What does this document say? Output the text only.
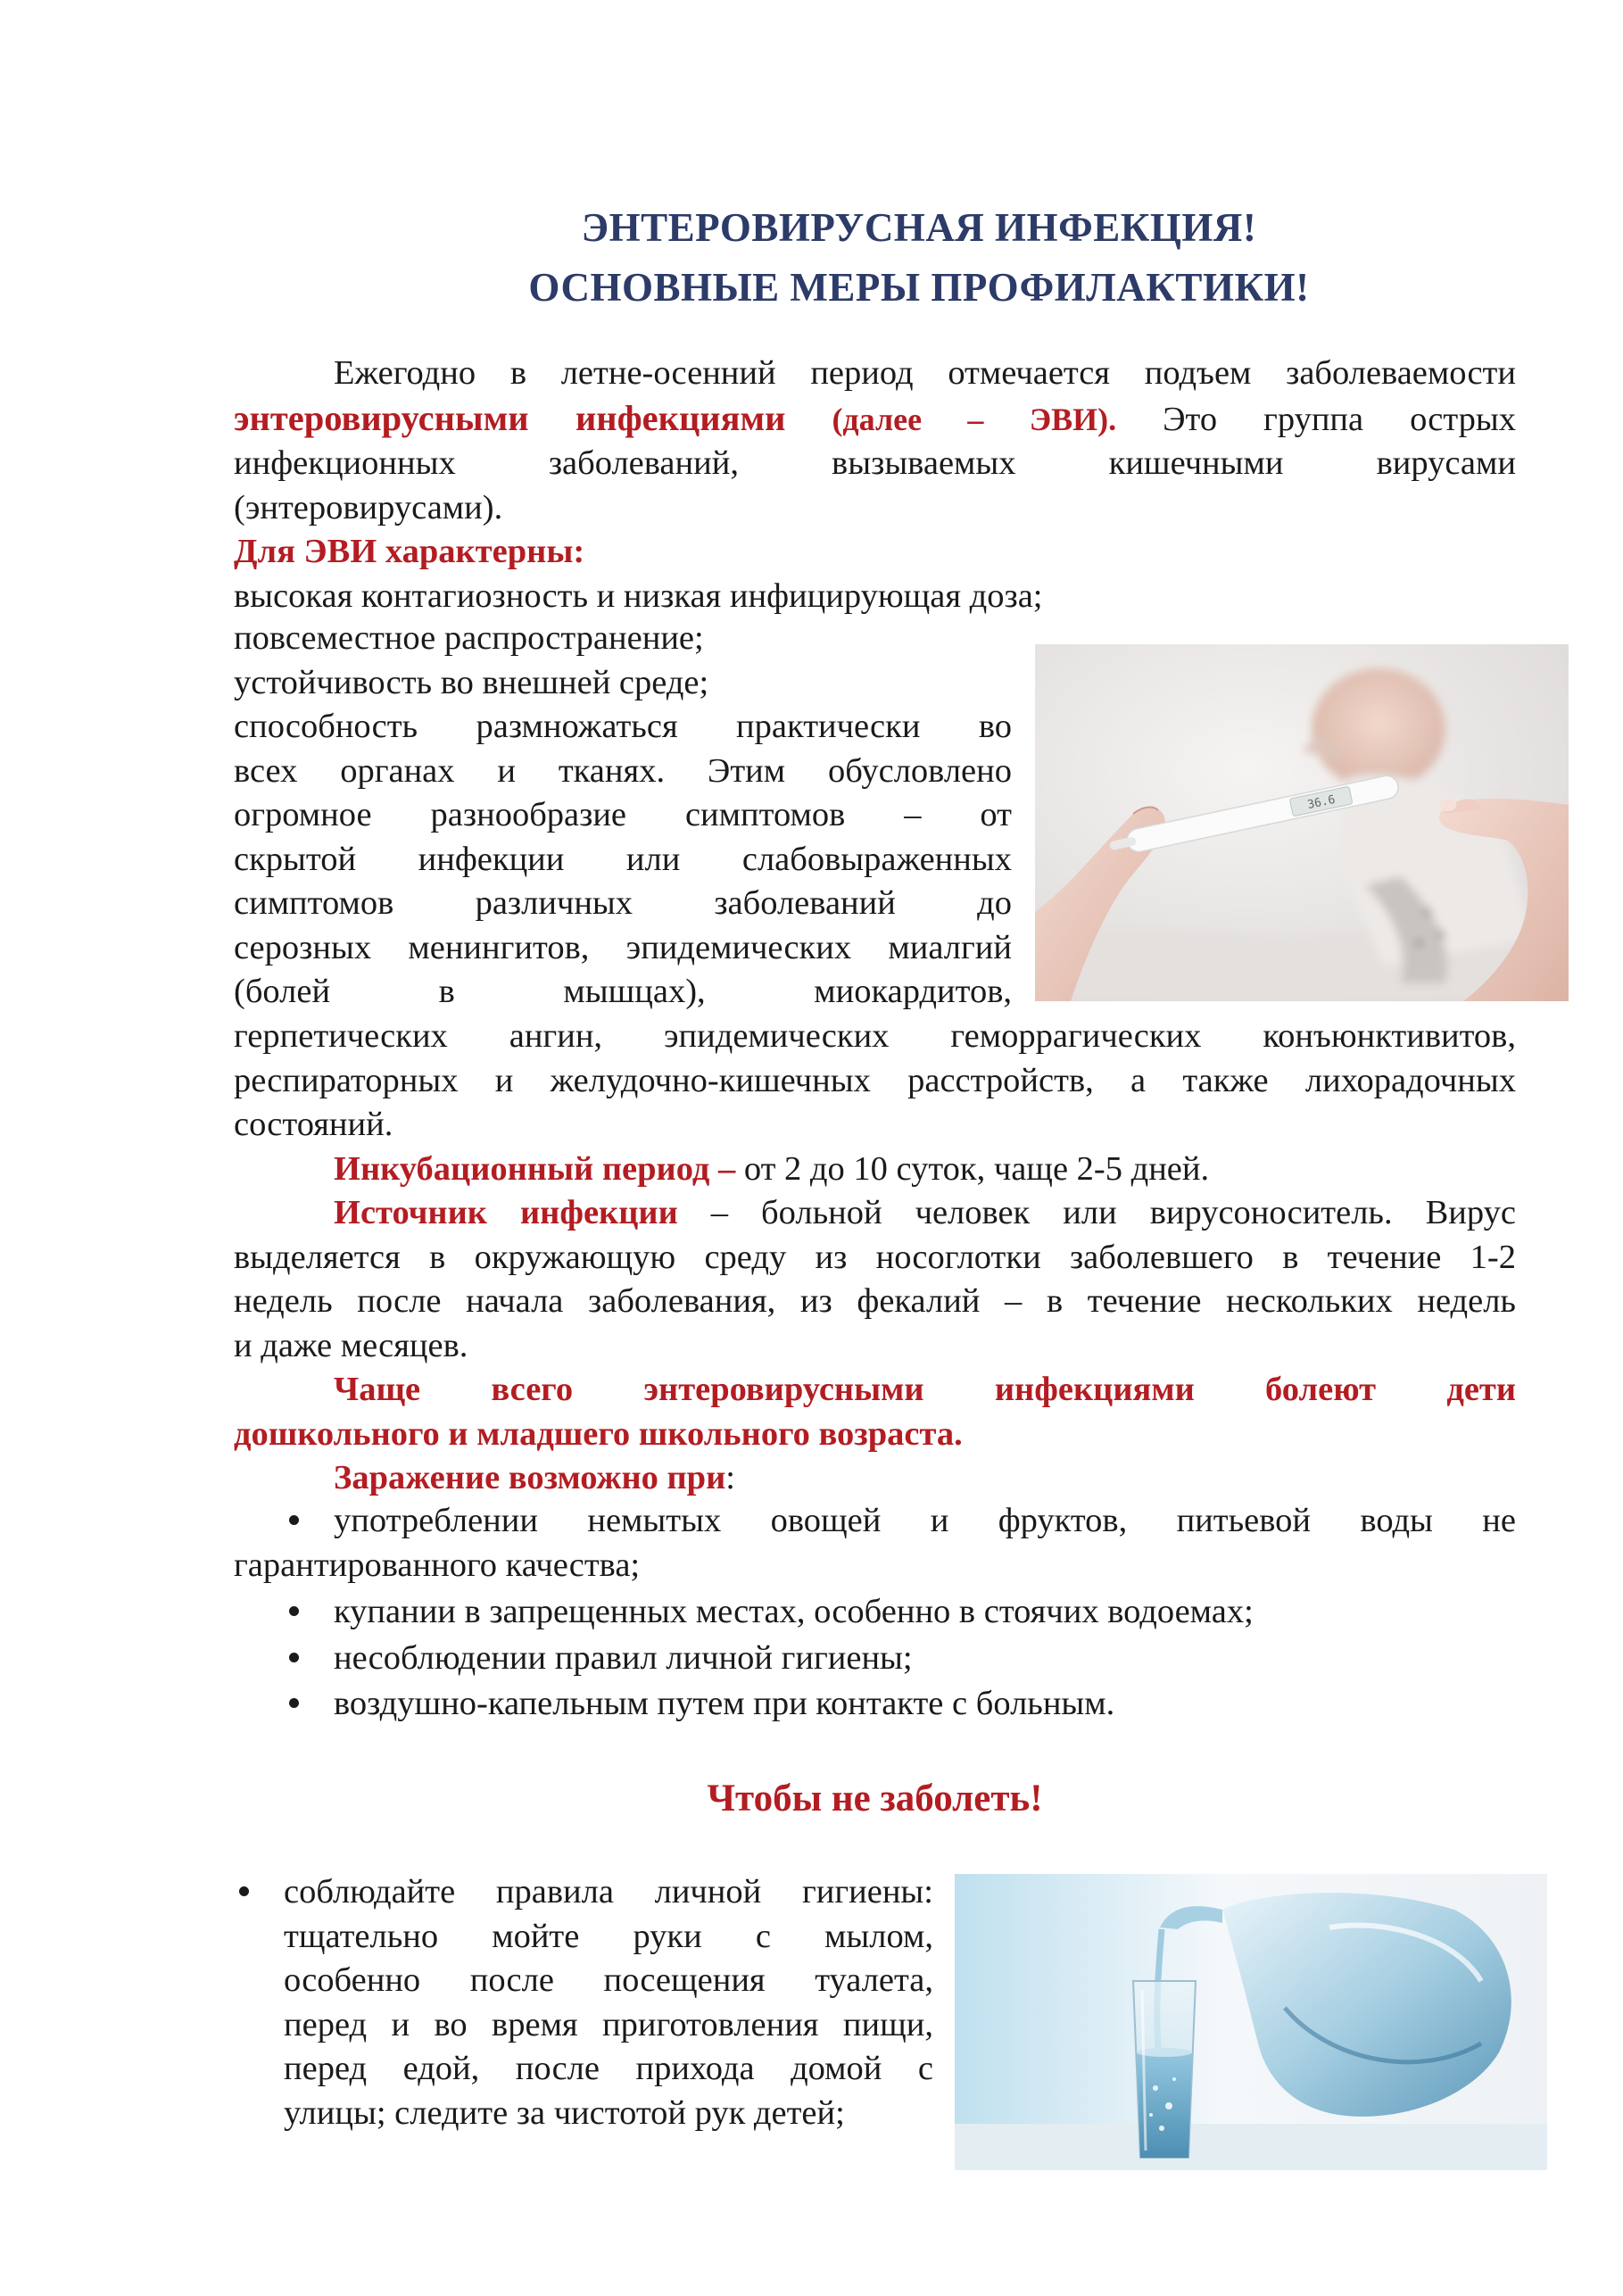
ЭНТЕРОВИРУСНАЯ ИНФЕКЦИЯ!
ОСНОВНЫЕ МЕРЫ ПРОФИЛАКТИКИ!

Ежегодно в летне-осенний период отмечается подъем заболеваемости

энтеровирусными инфекциями (далее – ЭВИ). Это группа острых

инфекционных заболеваний, вызываемых кишечными вирусами

(энтеровирусами).

Для ЭВИ характерны:

высокая контагиозность и низкая инфицирующая доза;

повсеместное распространение;

устойчивость во внешней среде;

способность размножаться практически во

всех органах и тканях. Этим обусловлено

огромное разнообразие симптомов – от

скрытой инфекции или слабовыраженных

симптомов различных заболеваний до

серозных менингитов, эпидемических миалгий

(болей в мышцах), миокардитов,

36.6

герпетических ангин, эпидемических геморрагических конъюнктивитов,

респираторных и желудочно-кишечных расстройств, а также лихорадочных

состояний.

Инкубационный период – от 2 до 10 суток, чаще 2-5 дней.

Источник инфекции – больной человек или вирусоноситель. Вирус

выделяется в окружающую среду из носоглотки заболевшего в течение 1-2

недель после начала заболевания, из фекалий – в течение нескольких недель

и даже месяцев.

Чаще всего энтеровирусными инфекциями болеют дети

дошкольного и младшего школьного возраста.

Заражение возможно при:

употреблении немытых овощей и фруктов, питьевой воды не

гарантированного качества;

купании в запрещенных местах, особенно в стоячих водоемах;
несоблюдении правил личной гигиены;
воздушно-капельным путем при контакте с больным.
Чтобы не заболеть!

соблюдайте правила личной гигиены:

тщательно мойте руки с мылом,

особенно после посещения туалета,

перед и во время приготовления пищи,

перед едой, после прихода домой с

улицы; следите за чистотой рук детей;
